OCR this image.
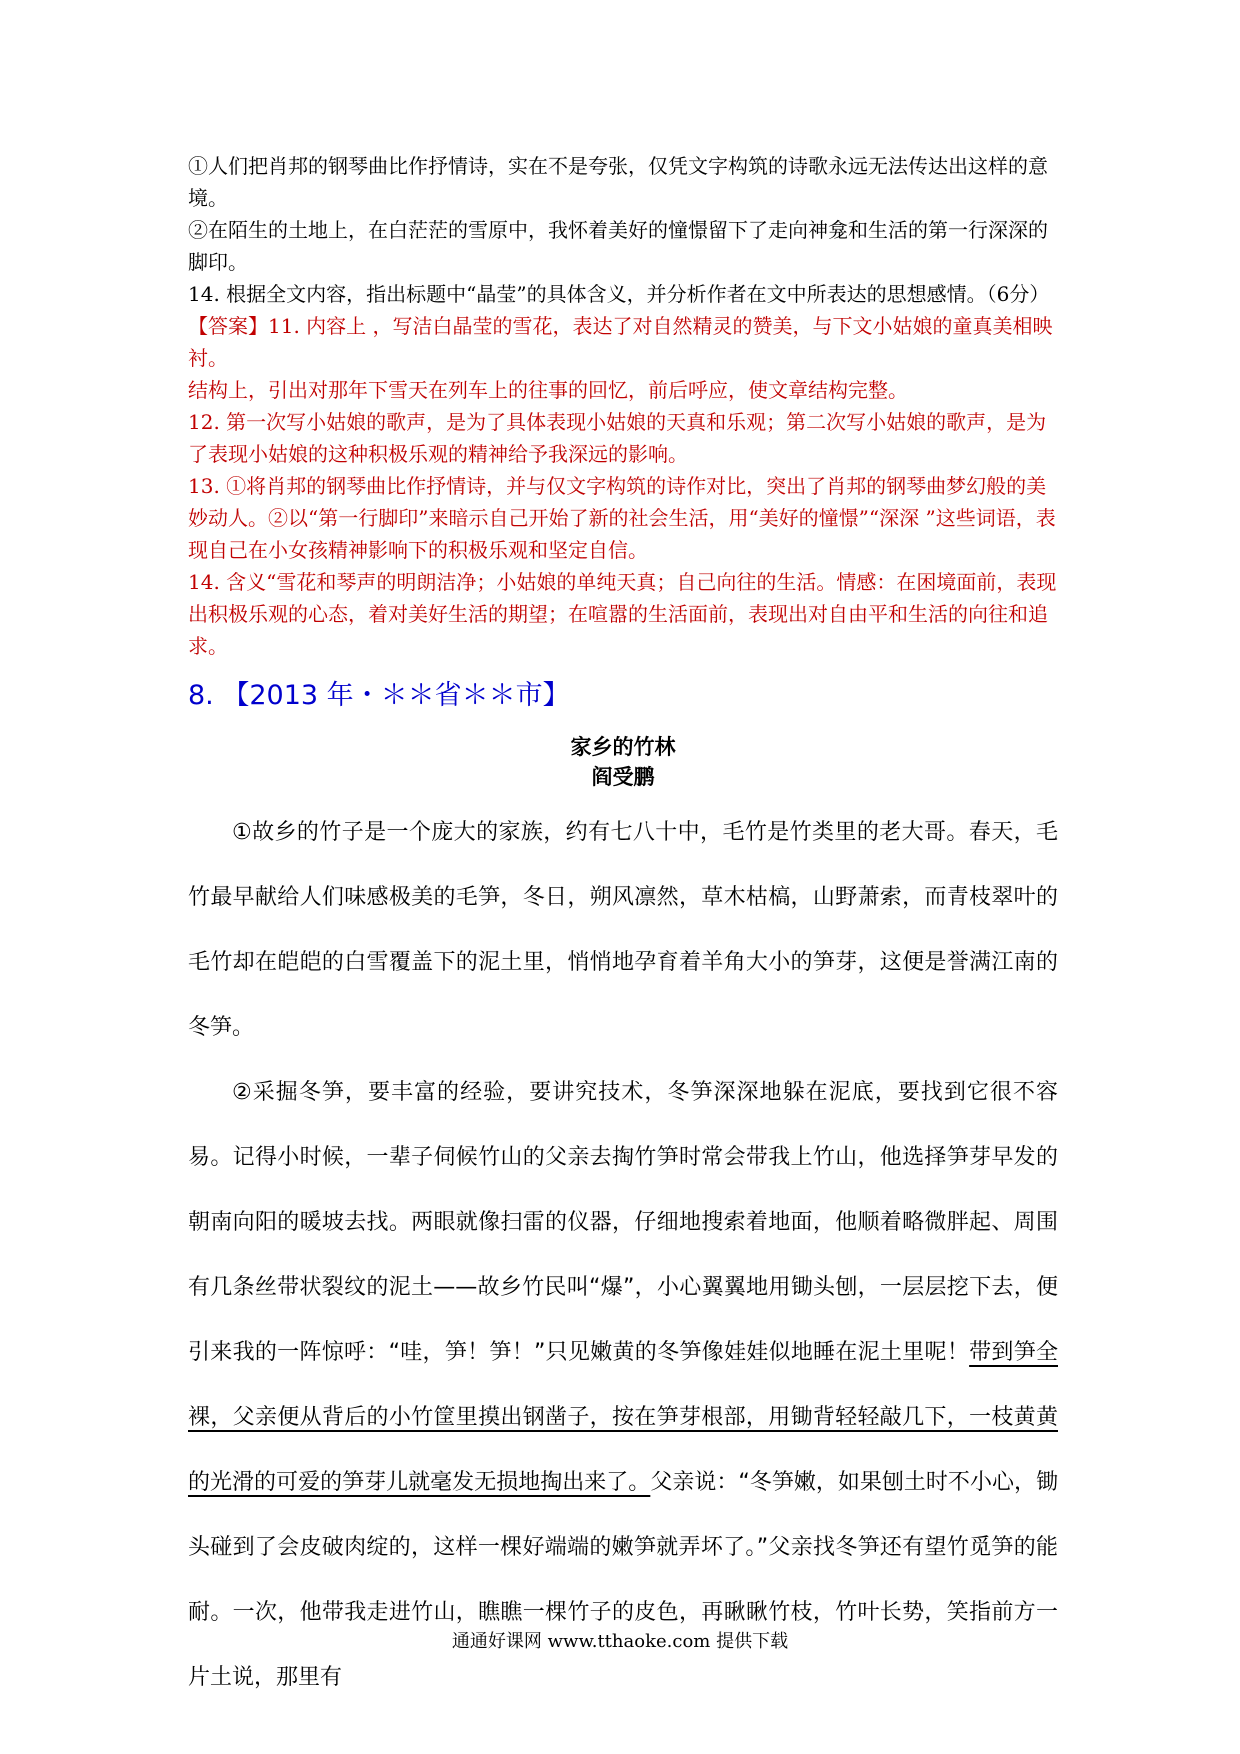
①人们把肖邦的钢琴曲比作抒情诗，实在不是夸张，仅凭文字构筑的诗歌永远无法传达出这样的意境。

②在陌生的土地上，在白茫茫的雪原中，我怀着美好的憧憬留下了走向神龛和生活的第一行深深的脚印。

14. 根据全文内容，指出标题中“晶莹”的具体含义，并分析作者在文中所表达的思想感情。（6分）

【答案】11. 内容上 ，写洁白晶莹的雪花，表达了对自然精灵的赞美，与下文小姑娘的童真美相映衬。

结构上，引出对那年下雪天在列车上的往事的回忆，前后呼应，使文章结构完整。

12. 第一次写小姑娘的歌声，是为了具体表现小姑娘的天真和乐观；第二次写小姑娘的歌声，是为了表现小姑娘的这种积极乐观的精神给予我深远的影响。

13. ①将肖邦的钢琴曲比作抒情诗，并与仅文字构筑的诗作对比，突出了肖邦的钢琴曲梦幻般的美妙动人。②以“第一行脚印”来暗示自己开始了新的社会生活，用“美好的憧憬”“深深 ”这些词语，表现自己在小女孩精神影响下的积极乐观和坚定自信。

14. 含义“雪花和琴声的明朗洁净；小姑娘的单纯天真；自己向往的生活。情感：在困境面前，表现出积极乐观的心态，着对美好生活的期望；在喧嚣的生活面前，表现出对自由平和生活的向往和追求。

8. 【2013 年・＊＊省＊＊市】

家乡的竹林

阎受鹏

①故乡的竹子是一个庞大的家族，约有七八十中，毛竹是竹类里的老大哥。春天，毛竹最早献给人们味感极美的毛笋，冬日，朔风凛然，草木枯槁，山野萧索，而青枝翠叶的毛竹却在皑皑的白雪覆盖下的泥土里，悄悄地孕育着羊角大小的笋芽，这便是誉满江南的冬笋。

②采掘冬笋，要丰富的经验，要讲究技术，冬笋深深地躲在泥底，要找到它很不容易。记得小时候，一辈子伺候竹山的父亲去掏竹笋时常会带我上竹山，他选择笋芽早发的朝南向阳的暖坡去找。两眼就像扫雷的仪器，仔细地搜索着地面，他顺着略微胖起、周围有几条丝带状裂纹的泥土——故乡竹民叫“爆”，小心翼翼地用锄头刨，一层层挖下去，便引来我的一阵惊呼：“哇，笋！笋！”只见嫩黄的冬笋像娃娃似地睡在泥土里呢！带到笋全裸，父亲便从背后的小竹筐里摸出钢凿子，按在笋芽根部，用锄背轻轻敲几下，一枝黄黄的光滑的可爱的笋芽儿就毫发无损地掏出来了。父亲说：“冬笋嫩，如果刨土时不小心，锄头碰到了会皮破肉绽的，这样一棵好端端的嫩笋就弄坏了。”父亲找冬笋还有望竹觅笋的能耐。一次，他带我走进竹山，瞧瞧一棵竹子的皮色，再瞅瞅竹枝，竹叶长势，笑指前方一片土说，那里有

通通好课网 www.tthaoke.com 提供下载
